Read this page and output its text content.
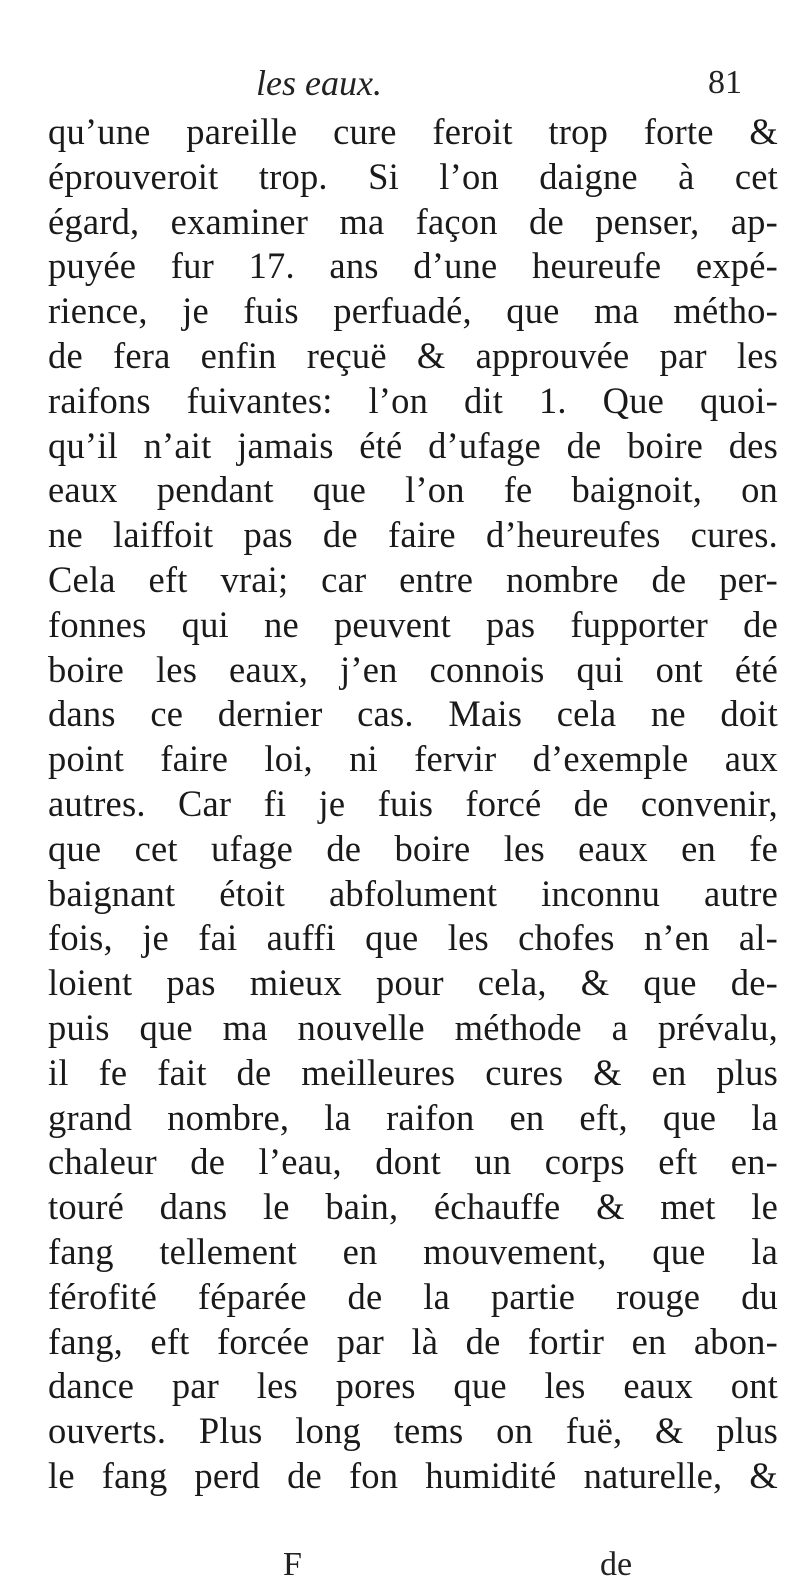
les eaux.	81
qu’une pareille cure feroit trop forte &
éprouveroit trop. Si l’on daigne à cet
égard, examiner ma façon de penser, ap-
puyée fur 17. ans d’une heureufe expé-
rience, je fuis perfuadé, que ma métho-
de fera enfin reçuë & approuvée par les
raifons fuivantes: l’on dit 1. Que quoi-
qu’il n’ait jamais été d’ufage de boire des
eaux pendant que l’on fe baignoit, on
ne laiffoit pas de faire d’heureufes cures.
Cela eft vrai; car entre nombre de per-
fonnes qui ne peuvent pas fupporter de
boire les eaux, j’en connois qui ont été
dans ce dernier cas. Mais cela ne doit
point faire loi, ni fervir d’exemple aux
autres. Car fi je fuis forcé de convenir,
que cet ufage de boire les eaux en fe
baignant étoit abfolument inconnu autre
fois, je fai auffi que les chofes n’en al-
loient pas mieux pour cela, & que de-
puis que ma nouvelle méthode a prévalu,
il fe fait de meilleures cures & en plus
grand nombre, la raifon en eft, que la
chaleur de l’eau, dont un corps eft en-
touré dans le bain, échauffe & met le
fang tellement en mouvement, que la
férofité féparée de la partie rouge du
fang, eft forcée par là de fortir en abon-
dance par les pores que les eaux ont
ouverts. Plus long tems on fuë, & plus
le fang perd de fon humidité naturelle, &
F	de
